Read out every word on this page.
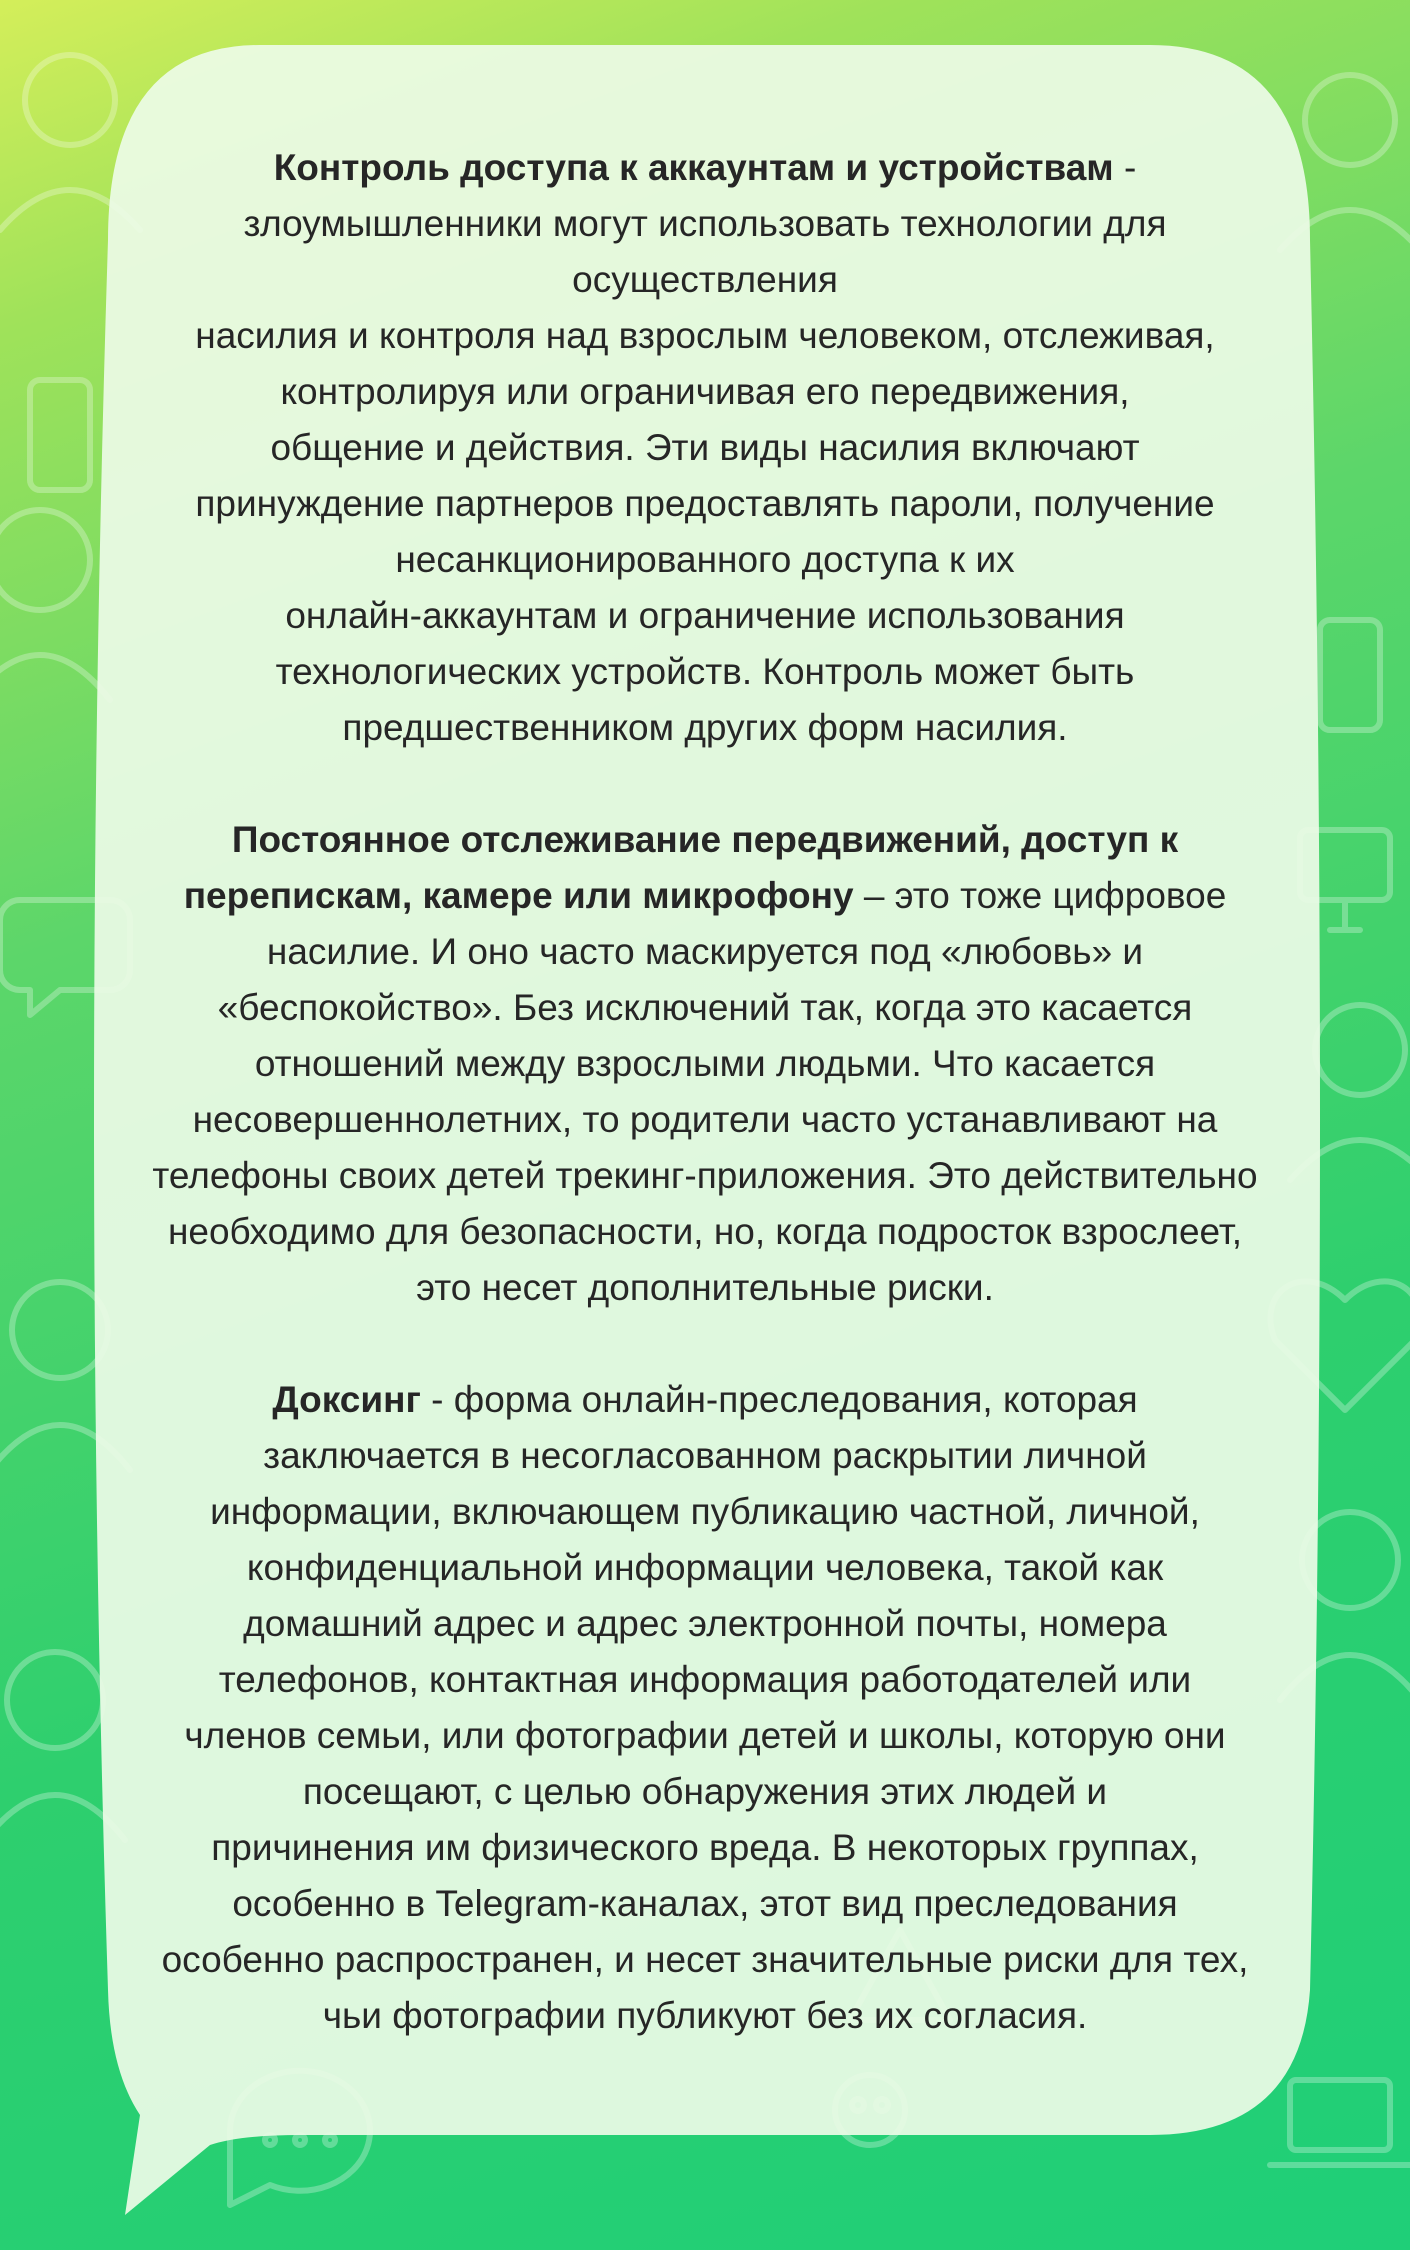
Контроль доступа к аккаунтам и устройствам -
злоумышленники могут использовать технологии для
осуществления
насилия и контроля над взрослым человеком, отслеживая,
контролируя или ограничивая его передвижения,
общение и действия. Эти виды насилия включают
принуждение партнеров предоставлять пароли, получение
несанкционированного доступа к их
онлайн-аккаунтам и ограничение использования
технологических устройств. Контроль может быть
предшественником других форм насилия.

Постоянное отслеживание передвижений, доступ к
перепискам, камере или микрофону – это тоже цифровое
насилие. И оно часто маскируется под «любовь» и
«беспокойство». Без исключений так, когда это касается
отношений между взрослыми людьми. Что касается
несовершеннолетних, то родители часто устанавливают на
телефоны своих детей трекинг-приложения. Это действительно
необходимо для безопасности, но, когда подросток взрослеет,
это несет дополнительные риски.

Доксинг - форма онлайн-преследования, которая
заключается в несогласованном раскрытии личной
информации, включающем публикацию частной, личной,
конфиденциальной информации человека, такой как
домашний адрес и адрес электронной почты, номера
телефонов, контактная информация работодателей или
членов семьи, или фотографии детей и школы, которую они
посещают, с целью обнаружения этих людей и
причинения им физического вреда. В некоторых группах,
особенно в Telegram-каналах, этот вид преследования
особенно распространен, и несет значительные риски для тех,
чьи фотографии публикуют без их согласия.
